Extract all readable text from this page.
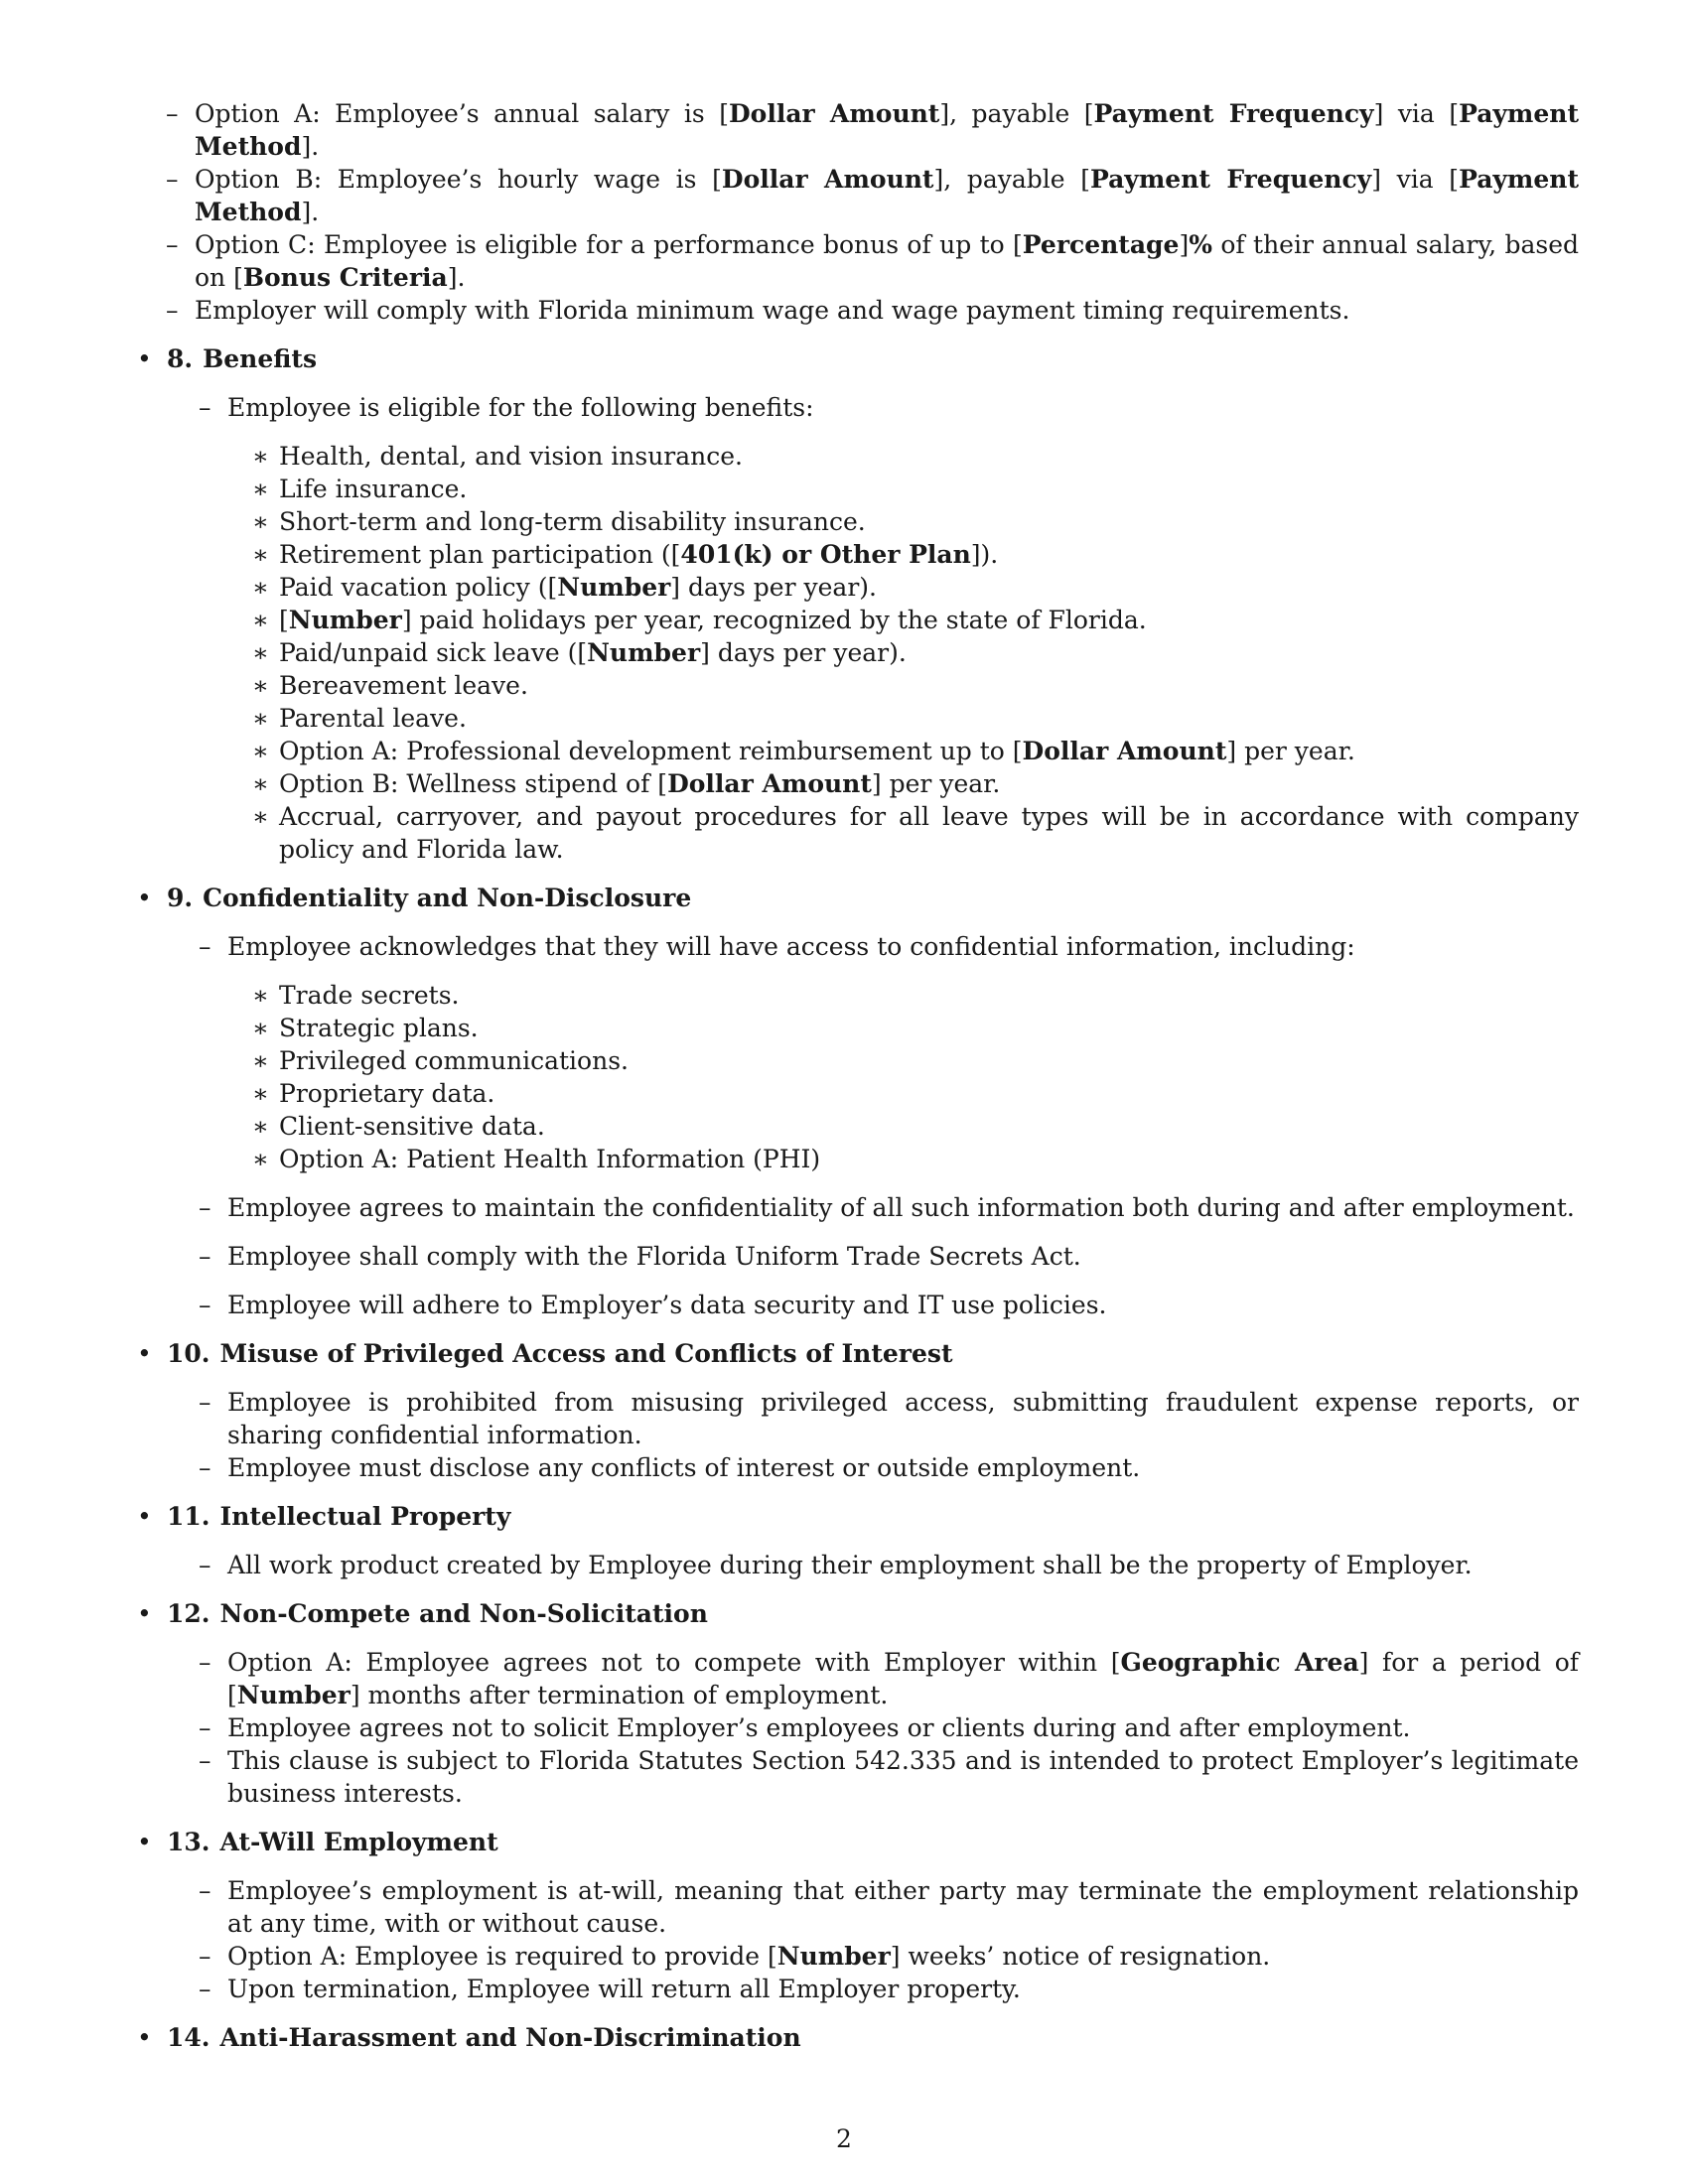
– Option A: Employee’s annual salary is [Dollar Amount], payable [Payment Frequency] via [Payment Method].
– Option B: Employee’s hourly wage is [Dollar Amount], payable [Payment Frequency] via [Payment Method].
– Option C: Employee is eligible for a performance bonus of up to [Percentage]% of their annual salary, based on [Bonus Criteria].
– Employer will comply with Florida minimum wage and wage payment timing requirements.

• 8. Benefits

– Employee is eligible for the following benefits:
∗ Health, dental, and vision insurance.
∗ Life insurance.
∗ Short-term and long-term disability insurance.
∗ Retirement plan participation ([401(k) or Other Plan]).
∗ Paid vacation policy ([Number] days per year).
∗ [Number] paid holidays per year, recognized by the state of Florida.
∗ Paid/unpaid sick leave ([Number] days per year).
∗ Bereavement leave.
∗ Parental leave.
∗ Option A: Professional development reimbursement up to [Dollar Amount] per year.
∗ Option B: Wellness stipend of [Dollar Amount] per year.
∗ Accrual, carryover, and payout procedures for all leave types will be in accordance with company policy and Florida law.

• 9. Confidentiality and Non-Disclosure

– Employee acknowledges that they will have access to confidential information, including:
∗ Trade secrets.
∗ Strategic plans.
∗ Privileged communications.
∗ Proprietary data.
∗ Client-sensitive data.
∗ Option A: Patient Health Information (PHI)
– Employee agrees to maintain the confidentiality of all such information both during and after employment.
– Employee shall comply with the Florida Uniform Trade Secrets Act.
– Employee will adhere to Employer’s data security and IT use policies.

• 10. Misuse of Privileged Access and Conflicts of Interest

– Employee is prohibited from misusing privileged access, submitting fraudulent expense reports, or sharing confidential information.
– Employee must disclose any conflicts of interest or outside employment.

• 11. Intellectual Property

– All work product created by Employee during their employment shall be the property of Employer.

• 12. Non-Compete and Non-Solicitation

– Option A: Employee agrees not to compete with Employer within [Geographic Area] for a period of [Number] months after termination of employment.
– Employee agrees not to solicit Employer’s employees or clients during and after employment.
– This clause is subject to Florida Statutes Section 542.335 and is intended to protect Employer’s legitimate business interests.

• 13. At-Will Employment

– Employee’s employment is at-will, meaning that either party may terminate the employment relationship at any time, with or without cause.
– Option A: Employee is required to provide [Number] weeks’ notice of resignation.
– Upon termination, Employee will return all Employer property.

• 14. Anti-Harassment and Non-Discrimination

2
